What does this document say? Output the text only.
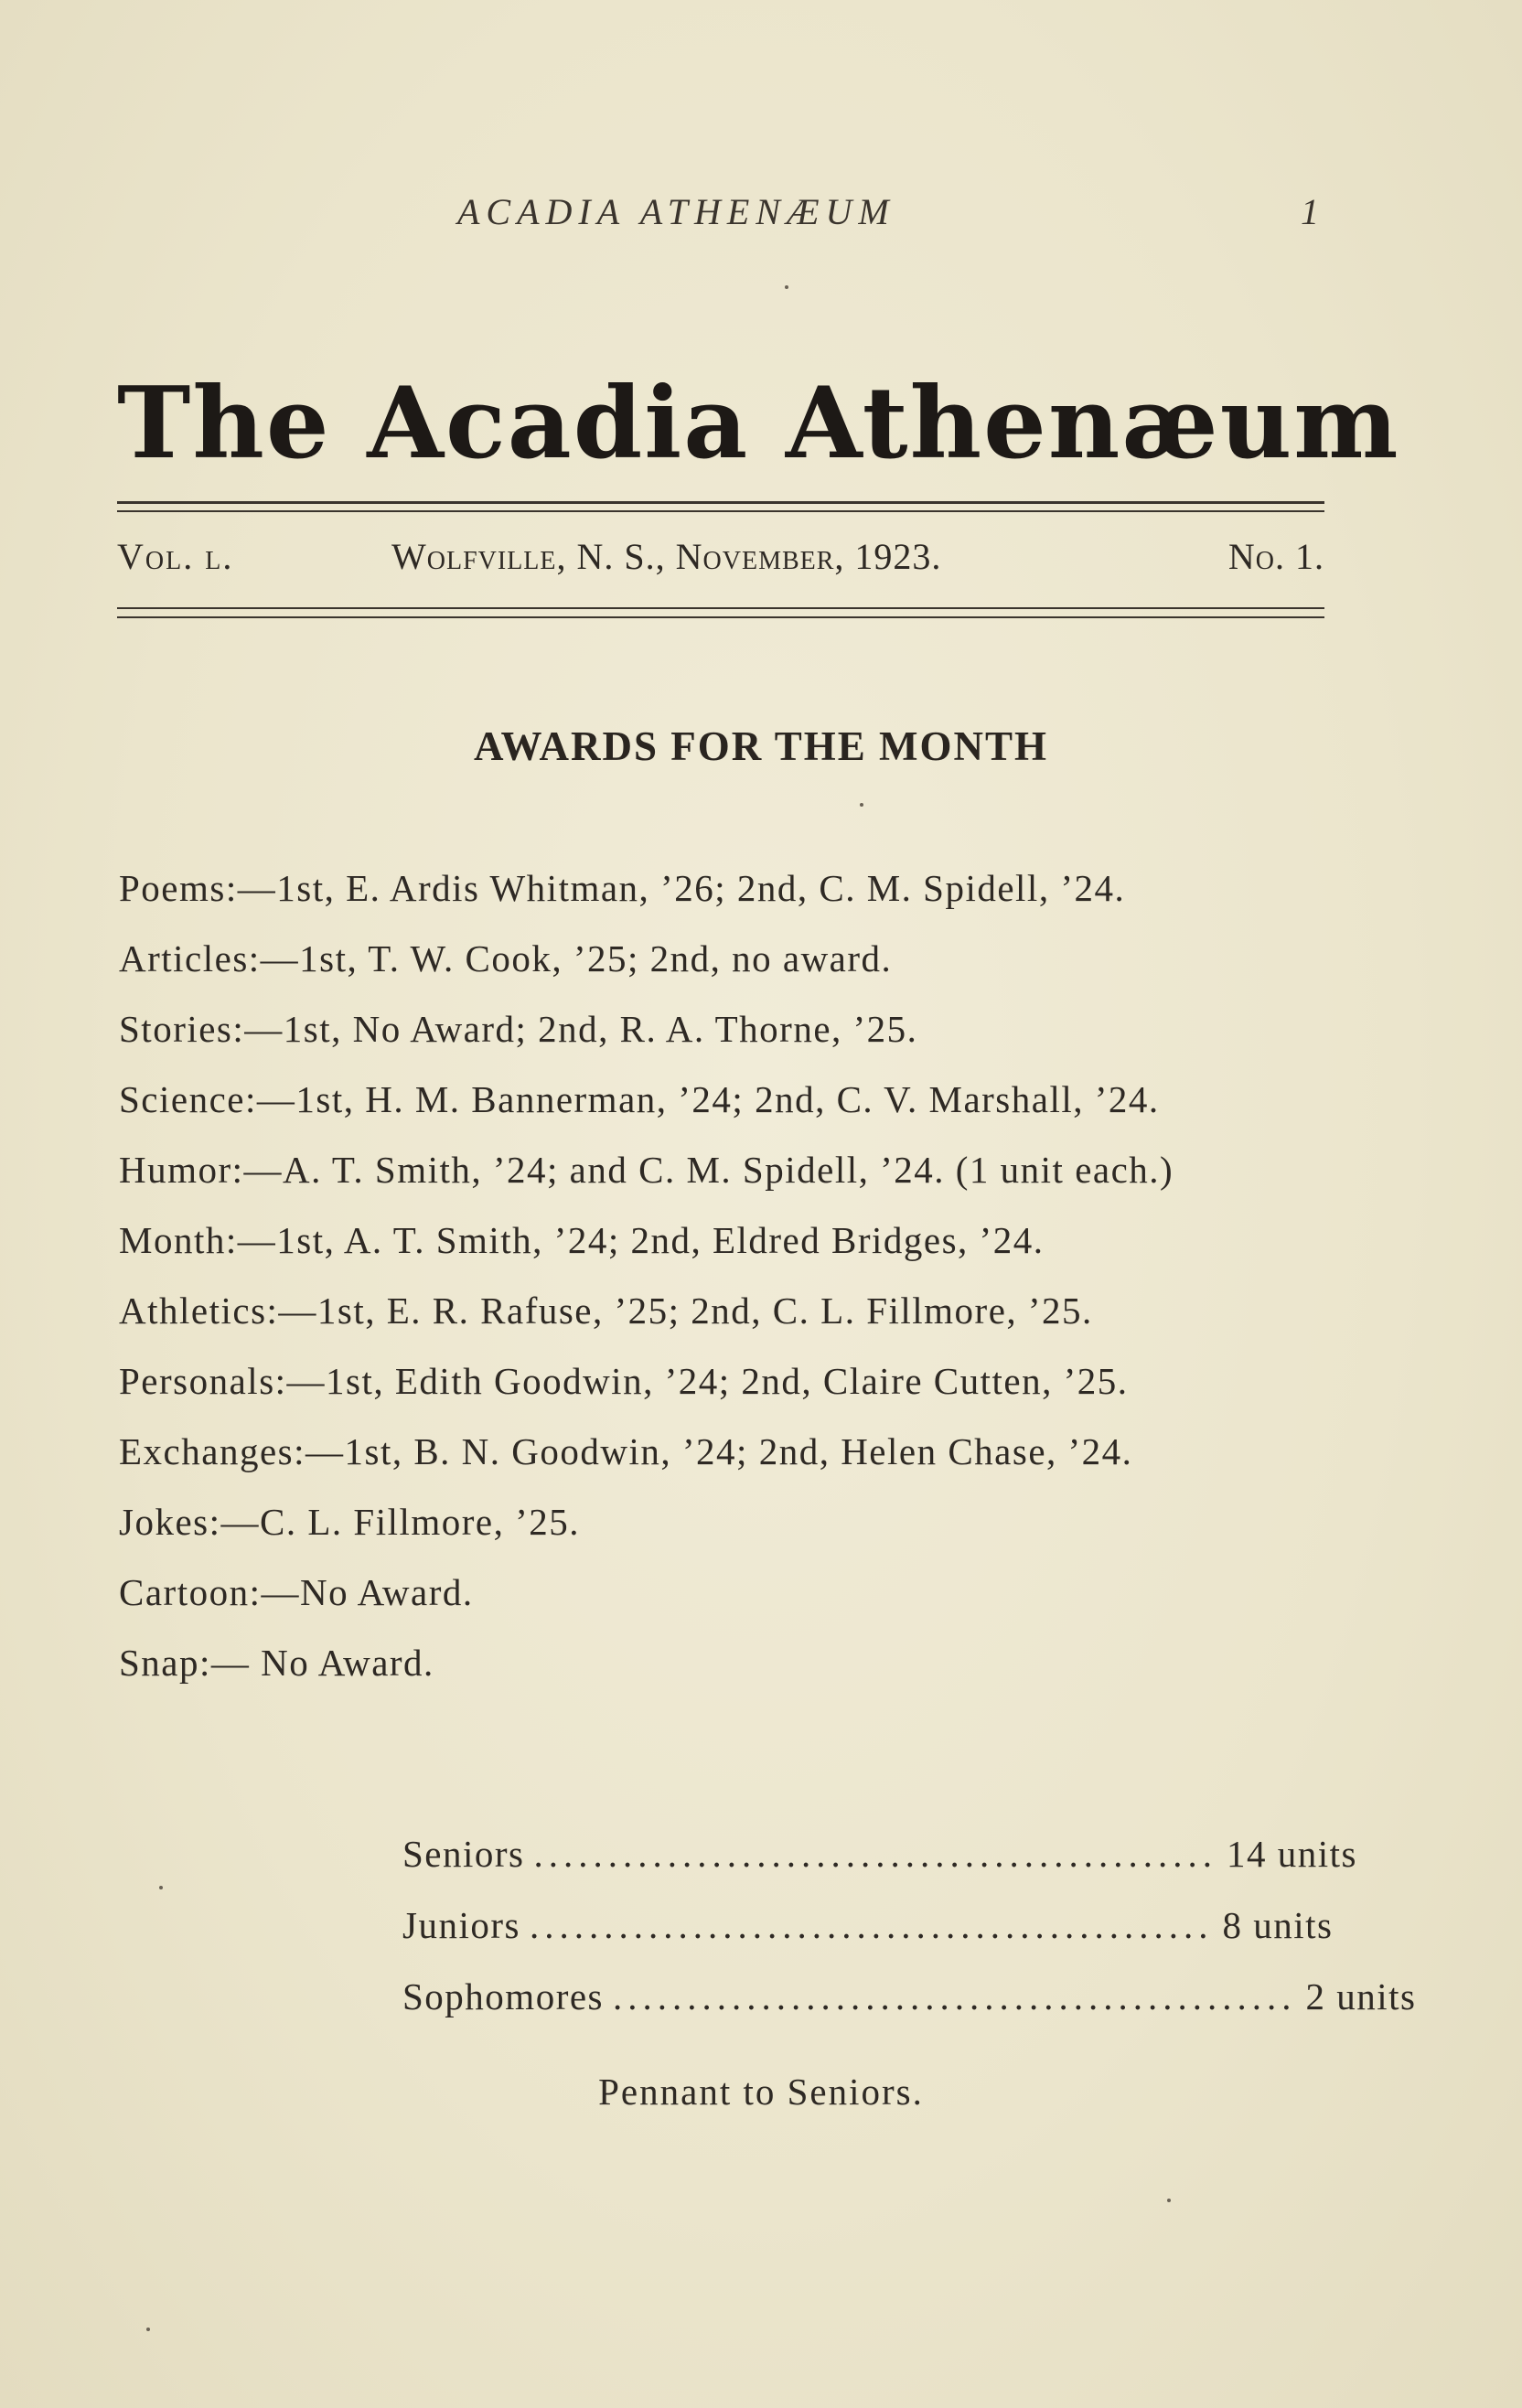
ACADIA ATHENÆUM	1
The Acadia Athenæum
Vol. l.	Wolfville, N. S., November, 1923.	No. 1.
AWARDS FOR THE MONTH

Poems:—1st, E. Ardis Whitman, ’26; 2nd, C. M. Spidell, ’24.

Articles:—1st, T. W. Cook, ’25; 2nd, no award.

Stories:—1st, No Award; 2nd, R. A. Thorne, ’25.

Science:—1st, H. M. Bannerman, ’24; 2nd, C. V. Marshall, ’24.

Humor:—A. T. Smith, ’24; and C. M. Spidell, ’24. (1 unit each.)

Month:—1st, A. T. Smith, ’24; 2nd, Eldred Bridges, ’24.

Athletics:—1st, E. R. Rafuse, ’25; 2nd, C. L. Fillmore, ’25.

Personals:—1st, Edith Goodwin, ’24; 2nd, Claire Cutten, ’25.

Exchanges:—1st, B. N. Goodwin, ’24; 2nd, Helen Chase, ’24.

Jokes:—C. L. Fillmore, ’25.

Cartoon:—No Award.

Snap:— No Award.

Seniors .............................................. 14 units
Juniors .............................................. 8 units
Sophomores .............................................. 2 units
Pennant to Seniors.
